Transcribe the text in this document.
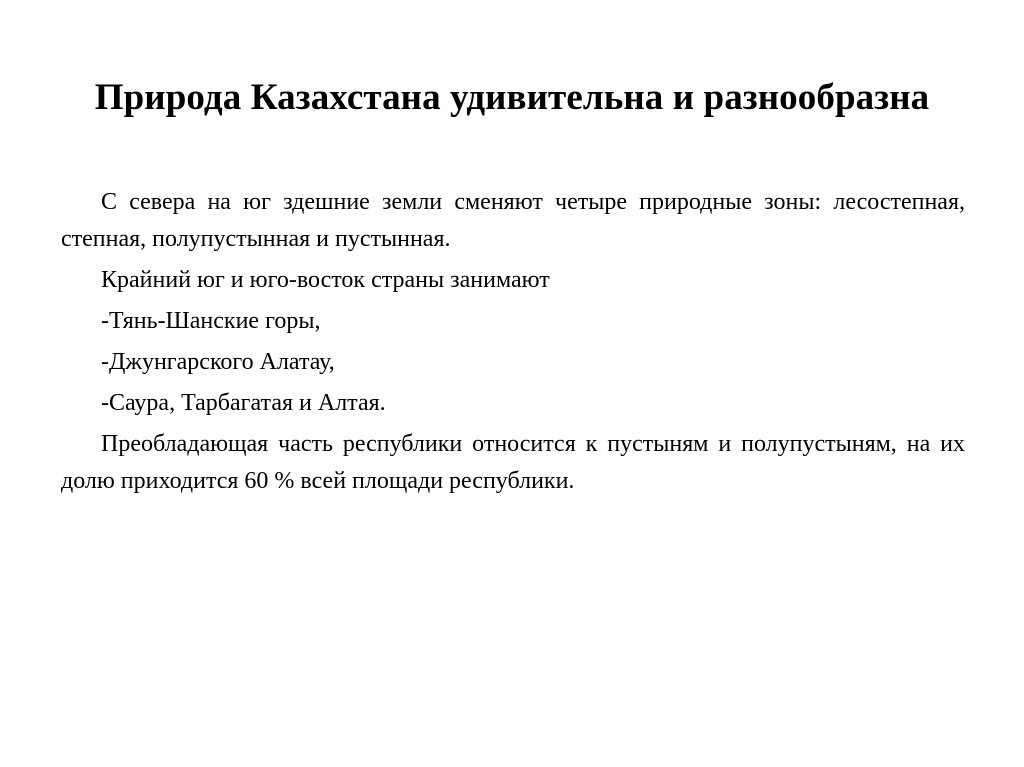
Природа Казахстана удивительна и разнообразна

С севера на юг здешние земли сменяют четыре природные зоны: лесостепная, степная, полупустынная и пустынная.

Крайний юг и юго-восток страны занимают

-Тянь-Шанские горы,

-Джунгарского Алатау,

-Саура, Тарбагатая и Алтая.

Преобладающая часть республики относится к пустыням и полупустыням, на их долю приходится 60 % всей площади республики.
